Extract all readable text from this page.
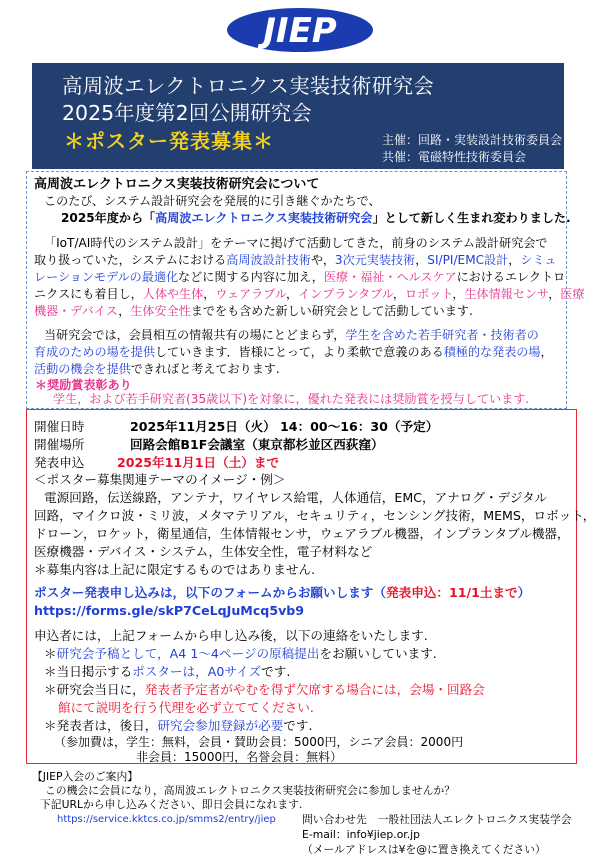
JIEP
高周波エレクトロニクス実装技術研究会
2025年度第2回公開研究会
＊ポスター発表募集＊	主催：回路・実装設計技術委員会
共催：電磁特性技術委員会
高周波エレクトロニクス実装技術研究会について
このたび、システム設計研究会を発展的に引き継ぐかたちで、
2025年度から「高周波エレクトロニクス実装技術研究会」として新しく生まれ変わりました.
「IoT/AI時代のシステム設計」をテーマに掲げて活動してきた，前身のシステム設計研究会で
取り扱っていた，システムにおける高周波設計技術や，3次元実装技術，SI/PI/EMC設計，シミュ
レーションモデルの最適化などに関する内容に加え，医療・福祉・ヘルスケアにおけるエレクトロ
ニクスにも着目し，人体や生体，ウェアラブル，インプランタブル，ロボット，生体情報センサ，医療
機器・デバイス，生体安全性までをも含めた新しい研究会として活動しています.
当研究会では，会員相互の情報共有の場にとどまらず，学生を含めた若手研究者・技術者の
育成のための場を提供していきます．皆様にとって，より柔軟で意義のある積極的な発表の場，
活動の機会を提供できればと考えております.
＊奨励賞表彰あり
学生，および若手研究者(35歳以下)を対象に，優れた発表には奨励賞を授与しています.
開催日時	2025年11月25日（火） 14：00～16：30（予定）
開催場所	回路会館B1F会議室（東京都杉並区西荻窪）
発表申込	2025年11月1日（土）まで
＜ポスター募集関連テーマのイメージ・例＞
電源回路，伝送線路，アンテナ，ワイヤレス給電，人体通信，EMC，アナログ・デジタル
回路，マイクロ波・ミリ波，メタマテリアル，セキュリティ，センシング技術，MEMS，ロボット，
ドローン，ロケット，衛星通信，生体情報センサ，ウェアラブル機器，インプランタブル機器，
医療機器・デバイス・システム，生体安全性，電子材料など
＊募集内容は上記に限定するものではありません.
ポスター発表申し込みは，以下のフォームからお願いします（発表申込：11/1土まで）
https://forms.gle/skP7CeLqJuMcq5vb9
申込者には，上記フォームから申し込み後，以下の連絡をいたします.
＊研究会予稿として，A4 1～4ページの原稿提出をお願いしています.
＊当日掲示するポスターは，A0サイズです.
＊研究会当日に，発表者予定者がやむを得ず欠席する場合には，会場・回路会
館にて説明を行う代理を必ず立ててください.
＊発表者は，後日，研究会参加登録が必要です.
（参加費は，学生：無料，会員・賛助会員：5000円，シニア会員：2000円
非会員：15000円，名誉会員：無料）
【JIEP入会のご案内】
この機会に会員になり，高周波エレクトロニクス実装技術研究会に参加しませんか？
下記URLから申し込みください、即日会員になれます.
https://service.kktcs.co.jp/smms2/entry/jiep 問い合わせ先　一般社団法人エレクトロニクス実装学会
E-mail：info¥jiep.or.jp
（メールアドレスは¥を@に置き換えてください）
